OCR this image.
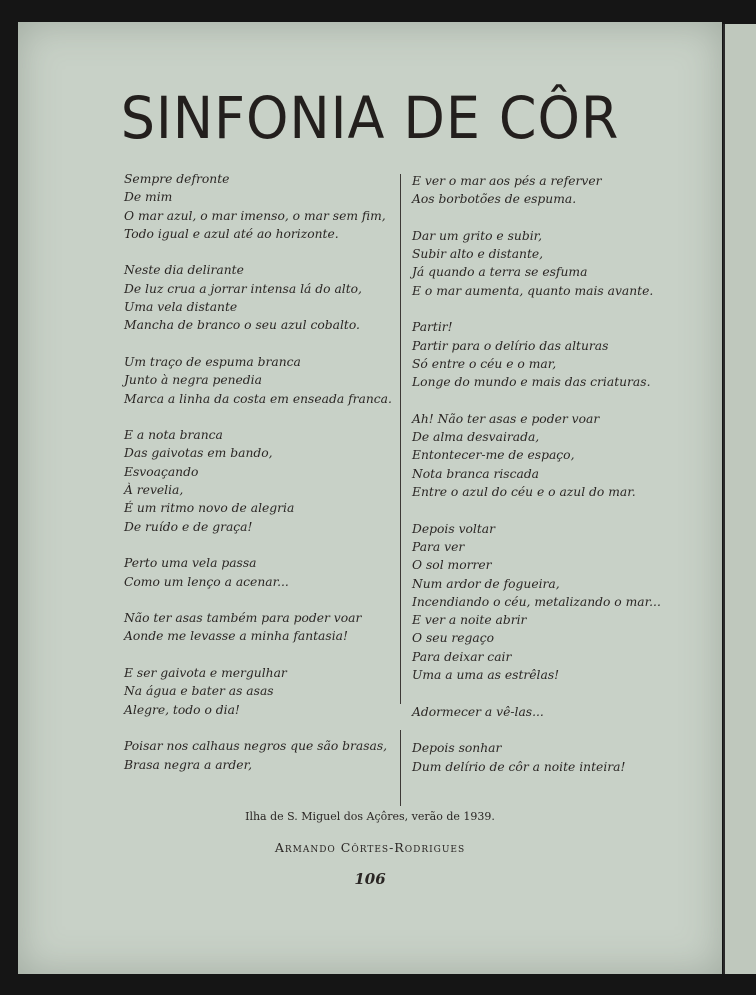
SINFONIA DE CÔR
Sempre defronte
De mim
O mar azul, o mar imenso, o mar sem fim,
Todo igual e azul até ao horizonte.
Neste dia delirante
De luz crua a jorrar intensa lá do alto,
Uma vela distante
Mancha de branco o seu azul cobalto.
Um traço de espuma branca
Junto à negra penedia
Marca a linha da costa em enseada franca.
E a nota branca
Das gaivotas em bando,
Esvoaçando
À revelia,
É um ritmo novo de alegria
De ruído e de graça!
Perto uma vela passa
Como um lenço a acenar...
Não ter asas também para poder voar
Aonde me levasse a minha fantasia!
E ser gaivota e mergulhar
Na água e bater as asas
Alegre, todo o dia!
Poisar nos calhaus negros que são brasas,
Brasa negra a arder,
E ver o mar aos pés a referver
Aos borbotões de espuma.
Dar um grito e subir,
Subir alto e distante,
Já quando a terra se esfuma
E o mar aumenta, quanto mais avante.
Partir!
Partir para o delírio das alturas
Só entre o céu e o mar,
Longe do mundo e mais das criaturas.
Ah! Não ter asas e poder voar
De alma desvairada,
Entontecer-me de espaço,
Nota branca riscada
Entre o azul do céu e o azul do mar.
Depois voltar
Para ver
O sol morrer
Num ardor de fogueira,
Incendiando o céu, metalizando o mar...
E ver a noite abrir
O seu regaço
Para deixar cair
Uma a uma as estrêlas!
Adormecer a vê-las...
Depois sonhar
Dum delírio de côr a noite inteira!
Ilha de S. Miguel dos Açôres, verão de 1939.
Armando Côrtes-Rodrigues
106
